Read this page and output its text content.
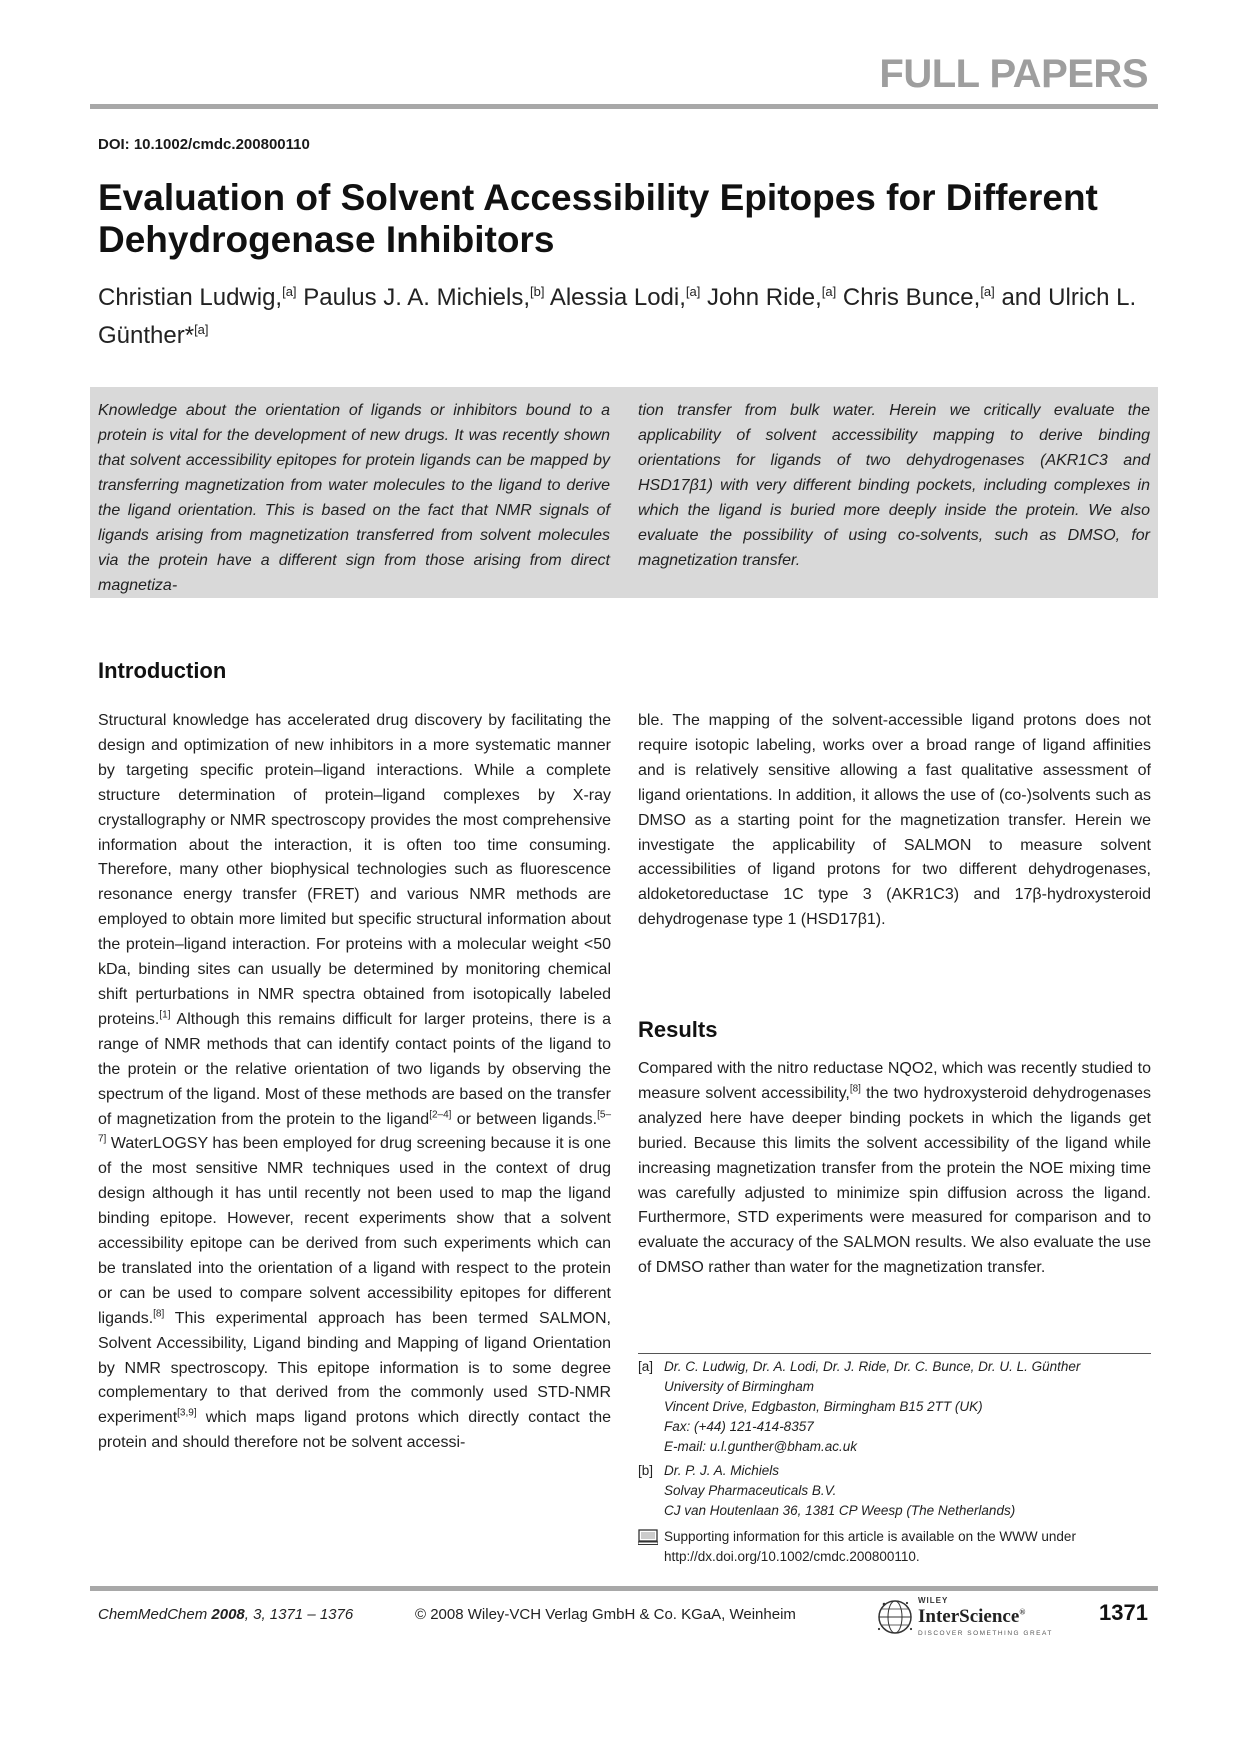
FULL PAPERS
DOI: 10.1002/cmdc.200800110
Evaluation of Solvent Accessibility Epitopes for Different Dehydrogenase Inhibitors
Christian Ludwig,[a] Paulus J. A. Michiels,[b] Alessia Lodi,[a] John Ride,[a] Chris Bunce,[a] and Ulrich L. Günther*[a]

Knowledge about the orientation of ligands or inhibitors bound to a protein is vital for the development of new drugs. It was recently shown that solvent accessibility epitopes for protein ligands can be mapped by transferring magnetization from water molecules to the ligand to derive the ligand orientation. This is based on the fact that NMR signals of ligands arising from magnetization transferred from solvent molecules via the protein have a different sign from those arising from direct magnetiza-

tion transfer from bulk water. Herein we critically evaluate the applicability of solvent accessibility mapping to derive binding orientations for ligands of two dehydrogenases (AKR1C3 and HSD17β1) with very different binding pockets, including complexes in which the ligand is buried more deeply inside the protein. We also evaluate the possibility of using co-solvents, such as DMSO, for magnetization transfer.

Introduction

Structural knowledge has accelerated drug discovery by facilitating the design and optimization of new inhibitors in a more systematic manner by targeting specific protein–ligand interactions. While a complete structure determination of protein–ligand complexes by X-ray crystallography or NMR spectroscopy provides the most comprehensive information about the interaction, it is often too time consuming. Therefore, many other biophysical technologies such as fluorescence resonance energy transfer (FRET) and various NMR methods are employed to obtain more limited but specific structural information about the protein–ligand interaction. For proteins with a molecular weight <50 kDa, binding sites can usually be determined by monitoring chemical shift perturbations in NMR spectra obtained from isotopically labeled proteins.[1] Although this remains difficult for larger proteins, there is a range of NMR methods that can identify contact points of the ligand to the protein or the relative orientation of two ligands by observing the spectrum of the ligand. Most of these methods are based on the transfer of magnetization from the protein to the ligand[2–4] or between ligands.[5–7] WaterLOGSY has been employed for drug screening because it is one of the most sensitive NMR techniques used in the context of drug design although it has until recently not been used to map the ligand binding epitope. However, recent experiments show that a solvent accessibility epitope can be derived from such experiments which can be translated into the orientation of a ligand with respect to the protein or can be used to compare solvent accessibility epitopes for different ligands.[8] This experimental approach has been termed SALMON, Solvent Accessibility, Ligand binding and Mapping of ligand Orientation by NMR spectroscopy. This epitope information is to some degree complementary to that derived from the commonly used STD-NMR experiment[3,9] which maps ligand protons which directly contact the protein and should therefore not be solvent accessi-

ble. The mapping of the solvent-accessible ligand protons does not require isotopic labeling, works over a broad range of ligand affinities and is relatively sensitive allowing a fast qualitative assessment of ligand orientations. In addition, it allows the use of (co-)solvents such as DMSO as a starting point for the magnetization transfer. Herein we investigate the applicability of SALMON to measure solvent accessibilities of ligand protons for two different dehydrogenases, aldoketoreductase 1C type 3 (AKR1C3) and 17β-hydroxysteroid dehydrogenase type 1 (HSD17β1).

Results

Compared with the nitro reductase NQO2, which was recently studied to measure solvent accessibility,[8] the two hydroxysteroid dehydrogenases analyzed here have deeper binding pockets in which the ligands get buried. Because this limits the solvent accessibility of the ligand while increasing magnetization transfer from the protein the NOE mixing time was carefully adjusted to minimize spin diffusion across the ligand. Furthermore, STD experiments were measured for comparison and to evaluate the accuracy of the SALMON results. We also evaluate the use of DMSO rather than water for the magnetization transfer.

[a] Dr. C. Ludwig, Dr. A. Lodi, Dr. J. Ride, Dr. C. Bunce, Dr. U. L. Günther
University of Birmingham
Vincent Drive, Edgbaston, Birmingham B15 2TT (UK)
Fax: (+44) 121-414-8357
E-mail: u.l.gunther@bham.ac.uk
[b] Dr. P. J. A. Michiels
Solvay Pharmaceuticals B.V.
CJ van Houtenlaan 36, 1381 CP Weesp (The Netherlands)
Supporting information for this article is available on the WWW under
http://dx.doi.org/10.1002/cmdc.200800110.
ChemMedChem 2008, 3, 1371 – 1376	© 2008 Wiley-VCH Verlag GmbH & Co. KGaA, Weinheim
WILEY
InterScience®
DISCOVER SOMETHING GREAT
1371
